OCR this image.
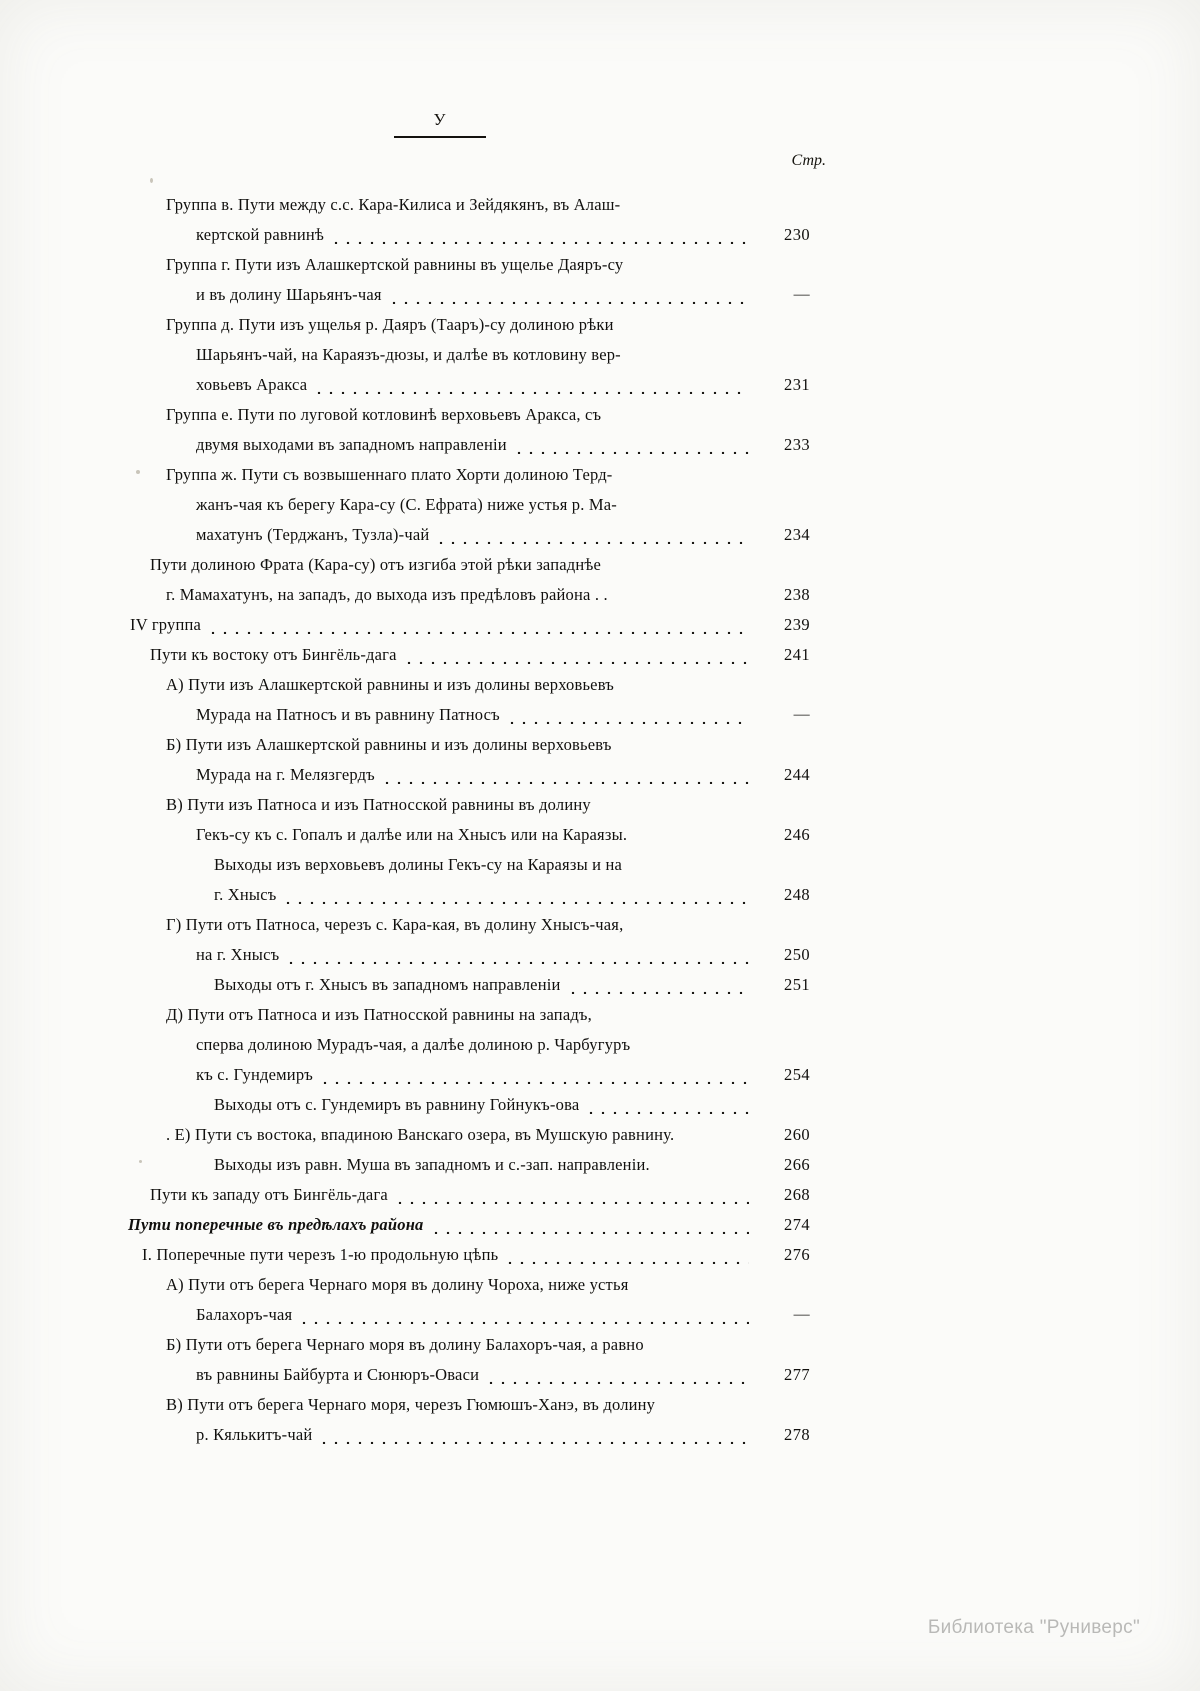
У
Стр.
Группа в. Пути между с.с. Кара-Килиса и Зейдякянъ, въ Алаш-
кертской равнинѣ	230
Группа г. Пути изъ Алашкертской равнины въ ущелье Даяръ-су
и въ долину Шарьянъ-чая	—
Группа д. Пути изъ ущелья р. Даяръ (Тааръ)-су долиною рѣки
Шарьянъ-чай, на Караязъ-дюзы, и далѣе въ котловину вер-
ховьевъ Аракса	231
Группа е. Пути по луговой котловинѣ верховьевъ Аракса, съ
двумя выходами въ западномъ направленіи	233
Группа ж. Пути съ возвышеннаго плато Хорти долиною Терд-
жанъ-чая къ берегу Кара-су (С. Ефрата) ниже устья р. Ма-
махатунъ (Терджанъ, Тузла)-чай	234
Пути долиною Фрата (Кара-су) отъ изгиба этой рѣки западнѣе
г. Мамахатунъ, на западъ, до выхода изъ предѣловъ района . .	238
IV группа	239
Пути къ востоку отъ Бингёль-дага	241
А) Пути изъ Алашкертской равнины и изъ долины верховьевъ
Мурада на Патносъ и въ равнину Патносъ	—
Б) Пути изъ Алашкертской равнины и изъ долины верховьевъ
Мурада на г. Мелязгердъ	244
В) Пути изъ Патноса и изъ Патносской равнины въ долину
Гекъ-су къ с. Гопалъ и далѣе или на Хнысъ или на Караязы.	246
Выходы изъ верховьевъ долины Гекъ-су на Караязы и на
г. Хнысъ	248
Г) Пути отъ Патноса, черезъ с. Кара-кая, въ долину Хнысъ-чая,
на г. Хнысъ	250
Выходы отъ г. Хнысъ въ западномъ направленіи	251
Д) Пути отъ Патноса и изъ Патносской равнины на западъ,
сперва долиною Мурадъ-чая, а далѣе долиною р. Чарбугуръ
къ с. Гундемиръ	254
Выходы отъ с. Гундемиръ въ равнину Гойнукъ-ова
. Е) Пути съ востока, впадиною Ванскаго озера, въ Мушскую равнину.	260
Выходы изъ равн. Муша въ западномъ и с.-зап. направленіи.	266
Пути къ западу отъ Бингёль-дага	268
Пути поперечные въ предѣлахъ района	274
I. Поперечные пути черезъ 1-ю продольную цѣпь	276
А) Пути отъ берега Чернаго моря въ долину Чороха, ниже устья
Балахоръ-чая	—
Б) Пути отъ берега Чернаго моря въ долину Балахоръ-чая, а равно
въ равнины Байбурта и Сюнюръ-Оваси	277
В) Пути отъ берега Чернаго моря, черезъ Гюмюшъ-Ханэ, въ долину
р. Кялькитъ-чай	278
Библиотека "Руниверс"
